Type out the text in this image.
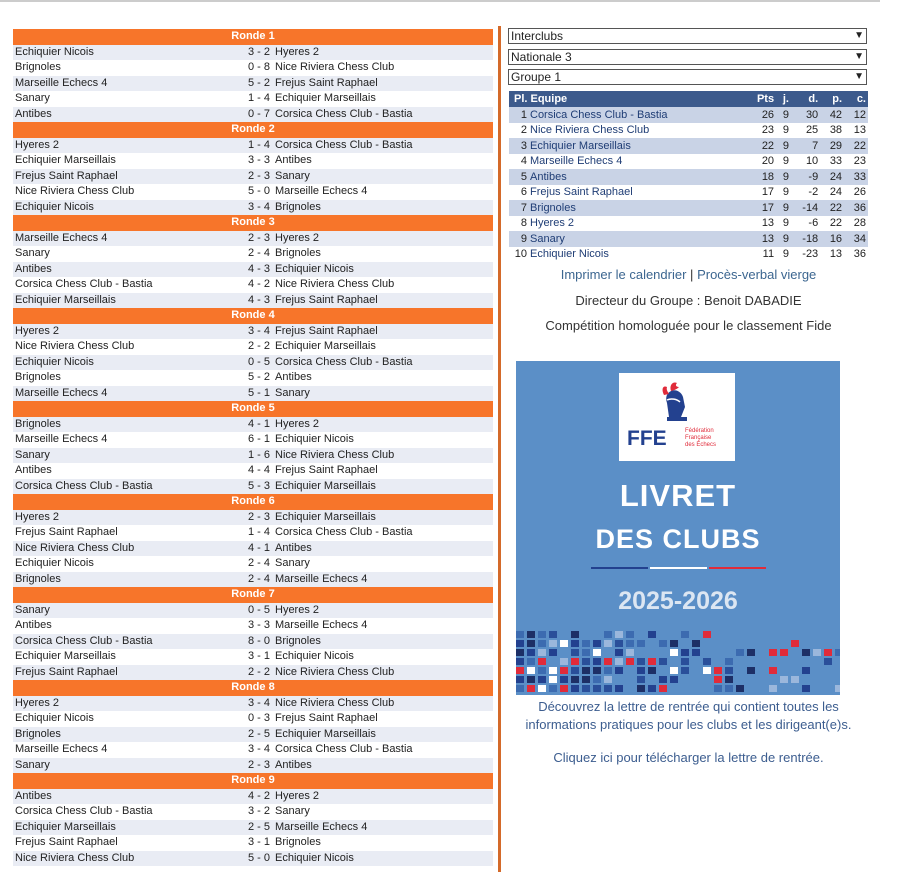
Ronde 1
Echiquier Nicois	3 - 2 Hyeres 2
Brignoles	0 - 8 Nice Riviera Chess Club
Marseille Echecs 4	5 - 2 Frejus Saint Raphael
Sanary	1 - 4 Echiquier Marseillais
Antibes	0 - 7 Corsica Chess Club - Bastia
Ronde 2
Hyeres 2	1 - 4 Corsica Chess Club - Bastia
Echiquier Marseillais	3 - 3 Antibes
Frejus Saint Raphael	2 - 3 Sanary
Nice Riviera Chess Club	5 - 0 Marseille Echecs 4
Echiquier Nicois	3 - 4 Brignoles
Ronde 3
Marseille Echecs 4	2 - 3 Hyeres 2
Sanary	2 - 4 Brignoles
Antibes	4 - 3 Echiquier Nicois
Corsica Chess Club - Bastia	4 - 2 Nice Riviera Chess Club
Echiquier Marseillais	4 - 3 Frejus Saint Raphael
Ronde 4
Hyeres 2	3 - 4 Frejus Saint Raphael
Nice Riviera Chess Club	2 - 2 Echiquier Marseillais
Echiquier Nicois	0 - 5 Corsica Chess Club - Bastia
Brignoles	5 - 2 Antibes
Marseille Echecs 4	5 - 1 Sanary
Ronde 5
Brignoles	4 - 1 Hyeres 2
Marseille Echecs 4	6 - 1 Echiquier Nicois
Sanary	1 - 6 Nice Riviera Chess Club
Antibes	4 - 4 Frejus Saint Raphael
Corsica Chess Club - Bastia	5 - 3 Echiquier Marseillais
Ronde 6
Hyeres 2	2 - 3 Echiquier Marseillais
Frejus Saint Raphael	1 - 4 Corsica Chess Club - Bastia
Nice Riviera Chess Club	4 - 1 Antibes
Echiquier Nicois	2 - 4 Sanary
Brignoles	2 - 4 Marseille Echecs 4
Ronde 7
Sanary	0 - 5 Hyeres 2
Antibes	3 - 3 Marseille Echecs 4
Corsica Chess Club - Bastia	8 - 0 Brignoles
Echiquier Marseillais	3 - 1 Echiquier Nicois
Frejus Saint Raphael	2 - 2 Nice Riviera Chess Club
Ronde 8
Hyeres 2	3 - 4 Nice Riviera Chess Club
Echiquier Nicois	0 - 3 Frejus Saint Raphael
Brignoles	2 - 5 Echiquier Marseillais
Marseille Echecs 4	3 - 4 Corsica Chess Club - Bastia
Sanary	2 - 3 Antibes
Ronde 9
Antibes	4 - 2 Hyeres 2
Corsica Chess Club - Bastia	3 - 2 Sanary
Echiquier Marseillais	2 - 5 Marseille Echecs 4
Frejus Saint Raphael	3 - 1 Brignoles
Nice Riviera Chess Club	5 - 0 Echiquier Nicois
Interclubs	▼
Nationale 3	▼
Groupe 1	▼
Pl. Equipe	Pts	j.	d.	p.	c.
1 Corsica Chess Club - Bastia	26	9	30	42	12
2 Nice Riviera Chess Club	23	9	25	38	13
3 Echiquier Marseillais	22	9	7	29	22
4 Marseille Echecs 4	20	9	10	33	23
5 Antibes	18	9	-9	24	33
6 Frejus Saint Raphael	17	9	-2	24	26
7 Brignoles	17	9	-14	22	36
8 Hyeres 2	13	9	-6	22	28
9 Sanary	13	9	-18	16	34
10 Echiquier Nicois	11	9	-23	13	36
Imprimer le calendrier | Procès-verbal vierge
Directeur du Groupe : Benoit DABADIE
Compétition homologuée pour le classement Fide
FFE	Fédération
Française
des Échecs
LIVRET
DES CLUBS
2025-2026
Découvrez la lettre de rentrée qui contient toutes les
informations pratiques pour les clubs et les dirigeant(e)s.
Cliquez ici pour télécharger la lettre de rentrée.
